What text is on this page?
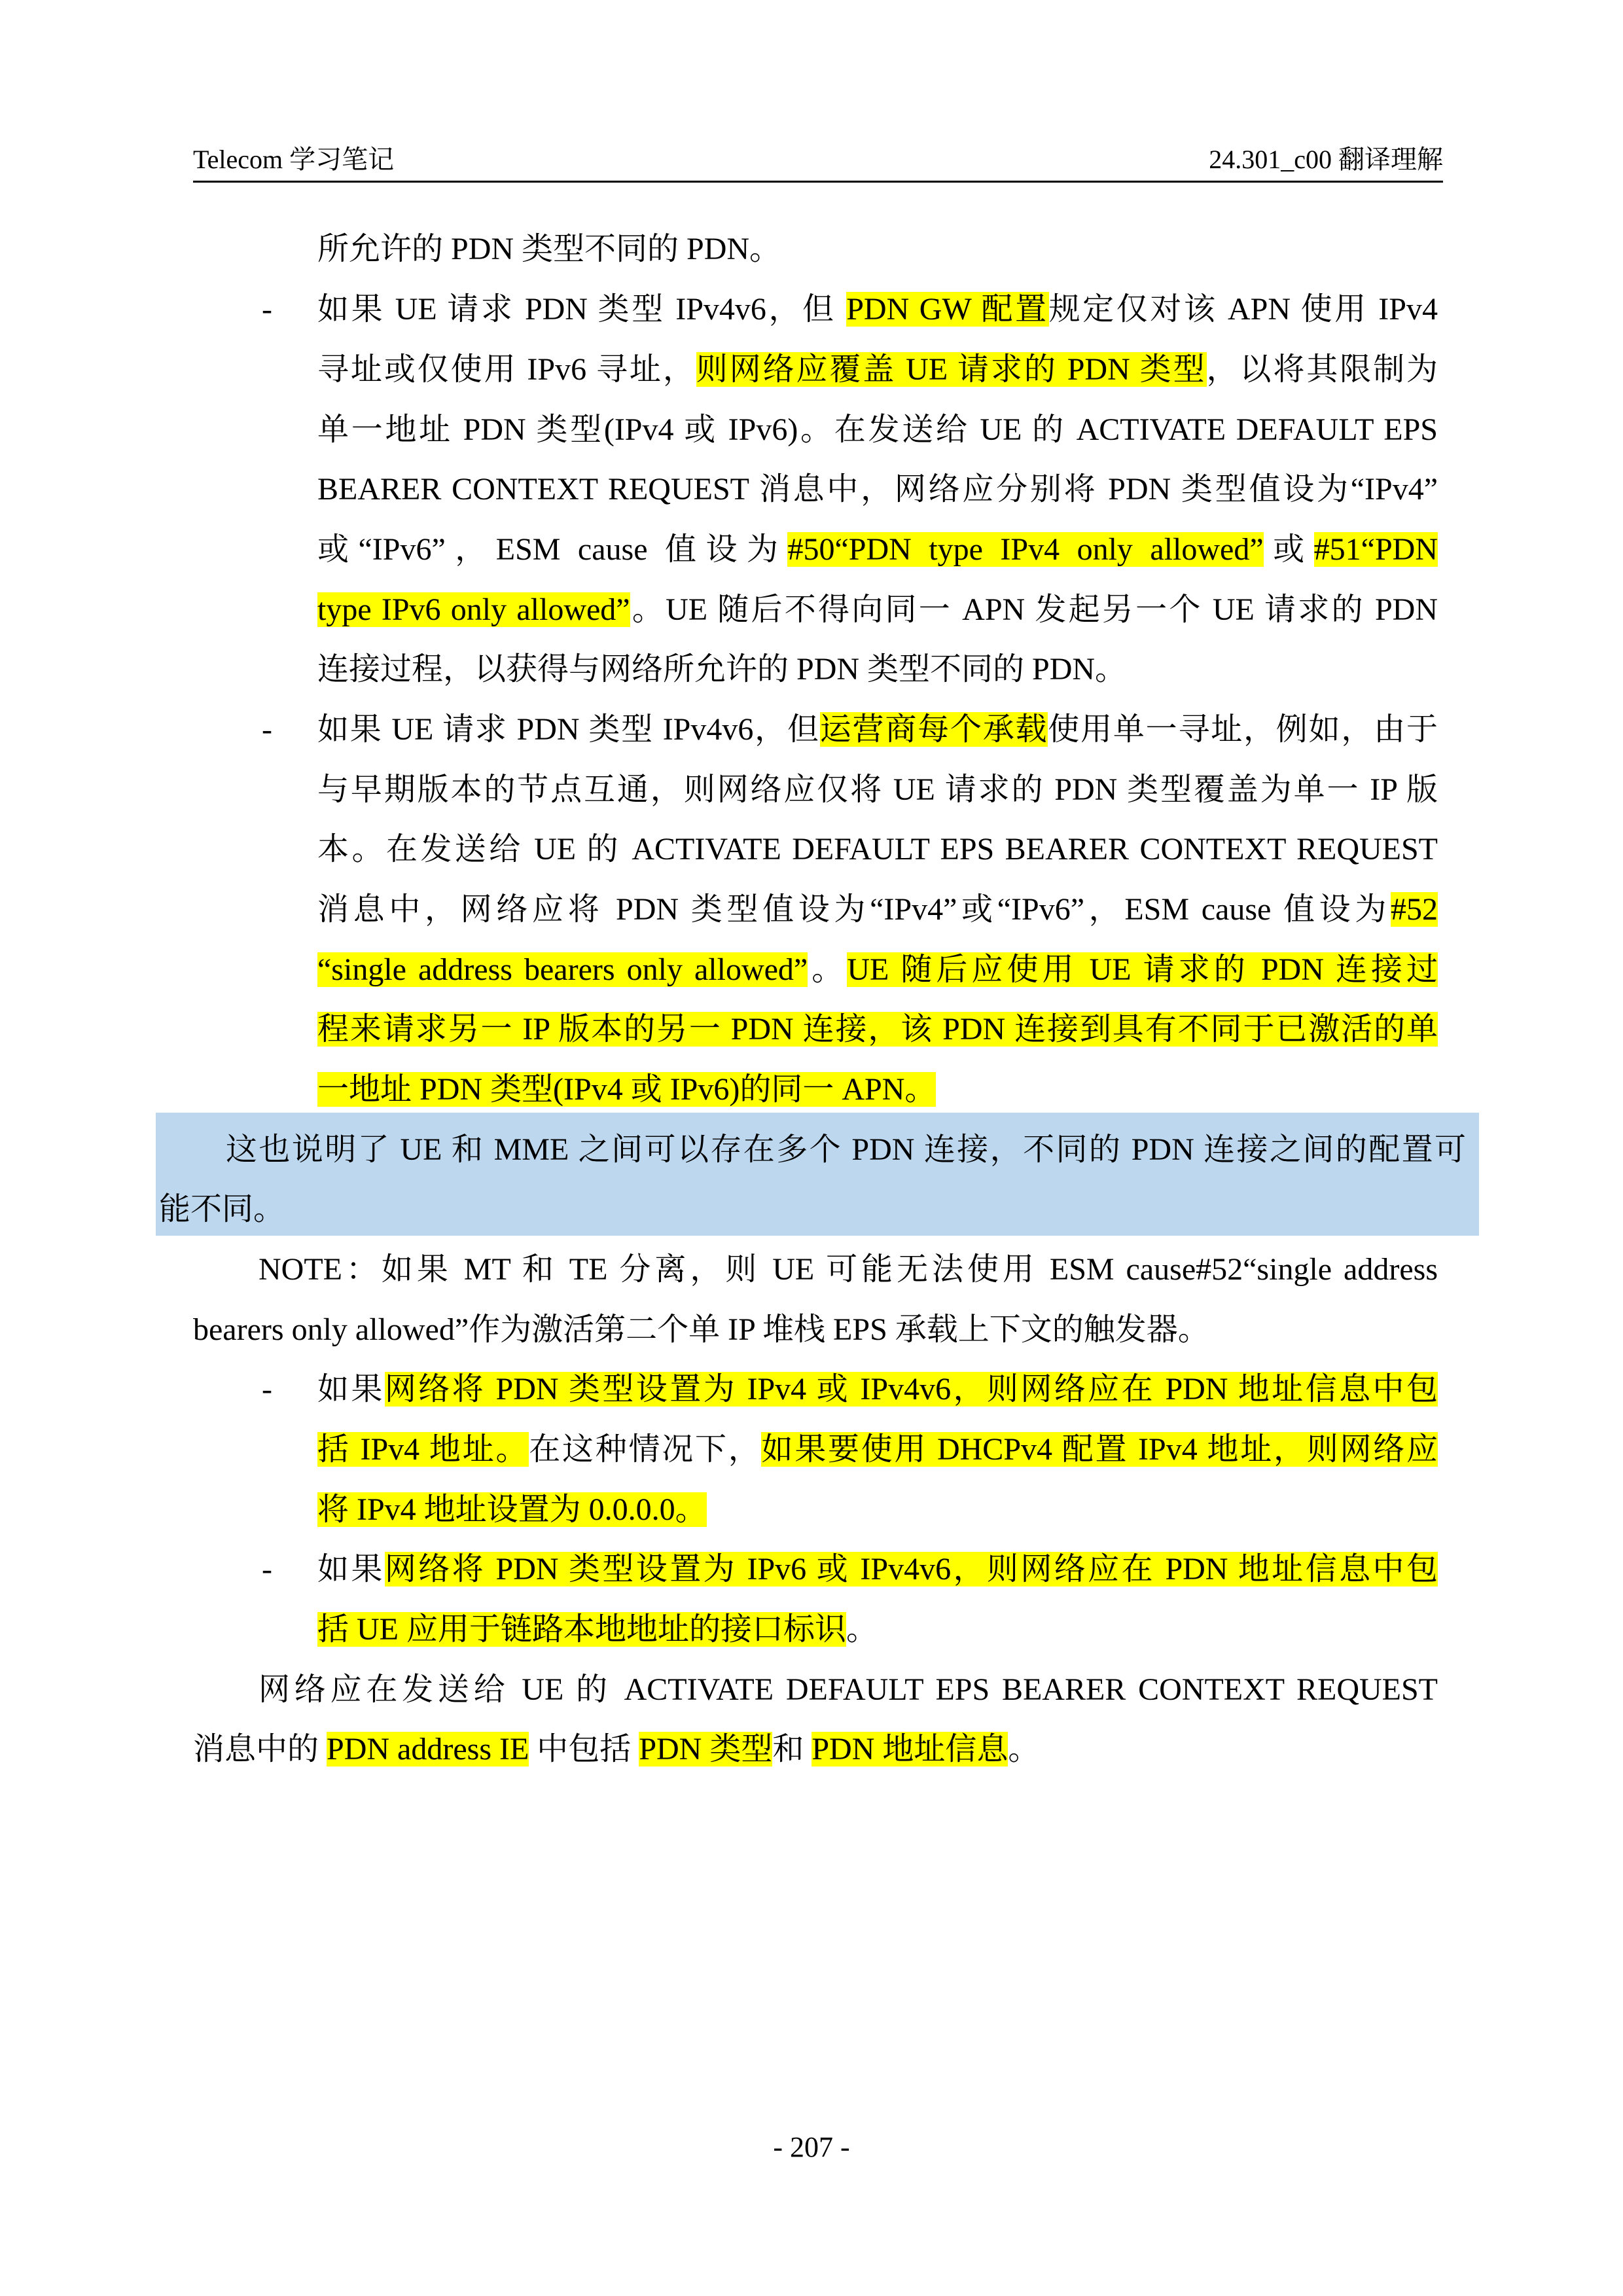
Telecom 学习笔记	24.301_c00 翻译理解
所允许的 PDN 类型不同的 PDN。
- 如果 UE 请求 PDN 类型 IPv4v6，但 PDN GW 配置规定仅对该 APN 使用 IPv4
寻址或仅使用 IPv6 寻址，则网络应覆盖 UE 请求的 PDN 类型，以将其限制为
单一地址 PDN 类型(IPv4 或 IPv6)。在发送给 UE 的 ACTIVATE DEFAULT EPS
BEARER CONTEXT REQUEST 消息中，网络应分别将 PDN 类型值设为“IPv4”
或“IPv6”，ESM cause 值设为#50“PDN type IPv4 only allowed”或#51“PDN
type IPv6 only allowed”。UE 随后不得向同一 APN 发起另一个 UE 请求的 PDN
连接过程，以获得与网络所允许的 PDN 类型不同的 PDN。
- 如果 UE 请求 PDN 类型 IPv4v6，但运营商每个承载使用单一寻址，例如，由于
与早期版本的节点互通，则网络应仅将 UE 请求的 PDN 类型覆盖为单一 IP 版
本。在发送给 UE 的 ACTIVATE DEFAULT EPS BEARER CONTEXT REQUEST
消息中，网络应将 PDN 类型值设为“IPv4”或“IPv6”，ESM cause 值设为#52
“single address bearers only allowed”。UE 随后应使用 UE 请求的 PDN 连接过
程来请求另一 IP 版本的另一 PDN 连接，该 PDN 连接到具有不同于已激活的单
一地址 PDN 类型(IPv4 或 IPv6)的同一 APN。
这也说明了 UE 和 MME 之间可以存在多个 PDN 连接，不同的 PDN 连接之间的配置可
能不同。
NOTE：如果 MT 和 TE 分离，则 UE 可能无法使用 ESM cause#52“single address
bearers only allowed”作为激活第二个单 IP 堆栈 EPS 承载上下文的触发器。
- 如果网络将 PDN 类型设置为 IPv4 或 IPv4v6，则网络应在 PDN 地址信息中包
括 IPv4 地址。在这种情况下，如果要使用 DHCPv4 配置 IPv4 地址，则网络应
将 IPv4 地址设置为 0.0.0.0。
- 如果网络将 PDN 类型设置为 IPv6 或 IPv4v6，则网络应在 PDN 地址信息中包
括 UE 应用于链路本地地址的接口标识。
网络应在发送给 UE 的 ACTIVATE DEFAULT EPS BEARER CONTEXT REQUEST
消息中的 PDN address IE 中包括 PDN 类型和 PDN 地址信息。
- 207 -
